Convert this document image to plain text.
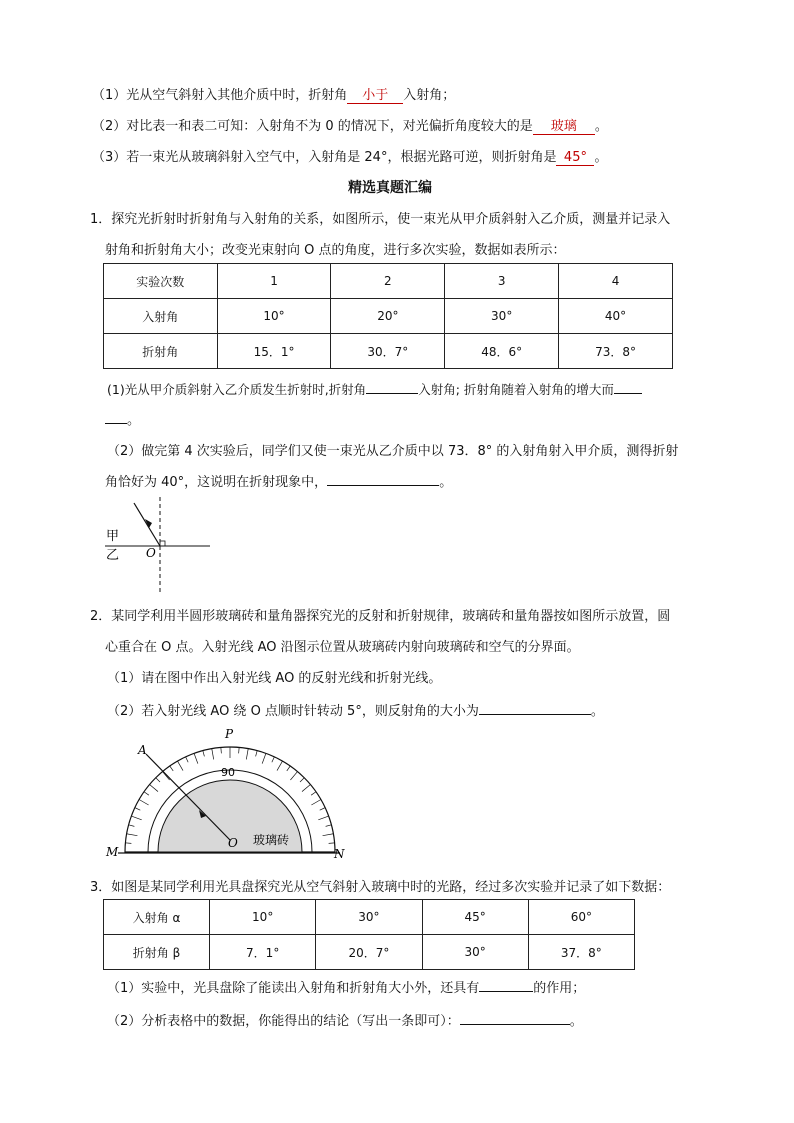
（1）光从空气斜射入其他介质中时，折射角 小于 入射角；
（2）对比表一和表二可知：入射角不为 0 的情况下，对光偏折角度较大的是 玻璃 。
（3）若一束光从玻璃斜射入空气中，入射角是 24°，根据光路可逆，则折射角是 45° 。
精选真题汇编
1．探究光折射时折射角与入射角的关系，如图所示，使一束光从甲介质斜射入乙介质，测量并记录入
射角和折射角大小；改变光束射向 O 点的角度，进行多次实验，数据如表所示：
实验次数	1	2	3	4
入射角	10°	20°	30°	40°
折射角	15．1°	30．7°	48．6°	73．8°
(1)光从甲介质斜射入乙介质发生折射时,折射角	入射角; 折射角随着入射角的增大而
。
（2）做完第 4 次实验后，同学们又使一束光从乙介质中以 73．8° 的入射角射入甲介质，测得折射
角恰好为 40°，这说明在折射现象中，	。
甲
乙 O
2．某同学利用半圆形玻璃砖和量角器探究光的反射和折射规律，玻璃砖和量角器按如图所示放置，圆
心重合在 O 点。入射光线 AO 沿图示位置从玻璃砖内射向玻璃砖和空气的分界面。
（1）请在图中作出入射光线 AO 的反射光线和折射光线。
（2）若入射光线 AO 绕 O 点顺时针转动 5°，则反射角的大小为	。
A
P
90
O 玻璃砖
M	N
3．如图是某同学利用光具盘探究光从空气斜射入玻璃中时的光路，经过多次实验并记录了如下数据：
入射角 α	10°	30°	45°	60°
折射角 β	7．1°	20．7°	30°	37．8°
（1）实验中，光具盘除了能读出入射角和折射角大小外，还具有	的作用；
（2）分析表格中的数据，你能得出的结论（写出一条即可）：	。
